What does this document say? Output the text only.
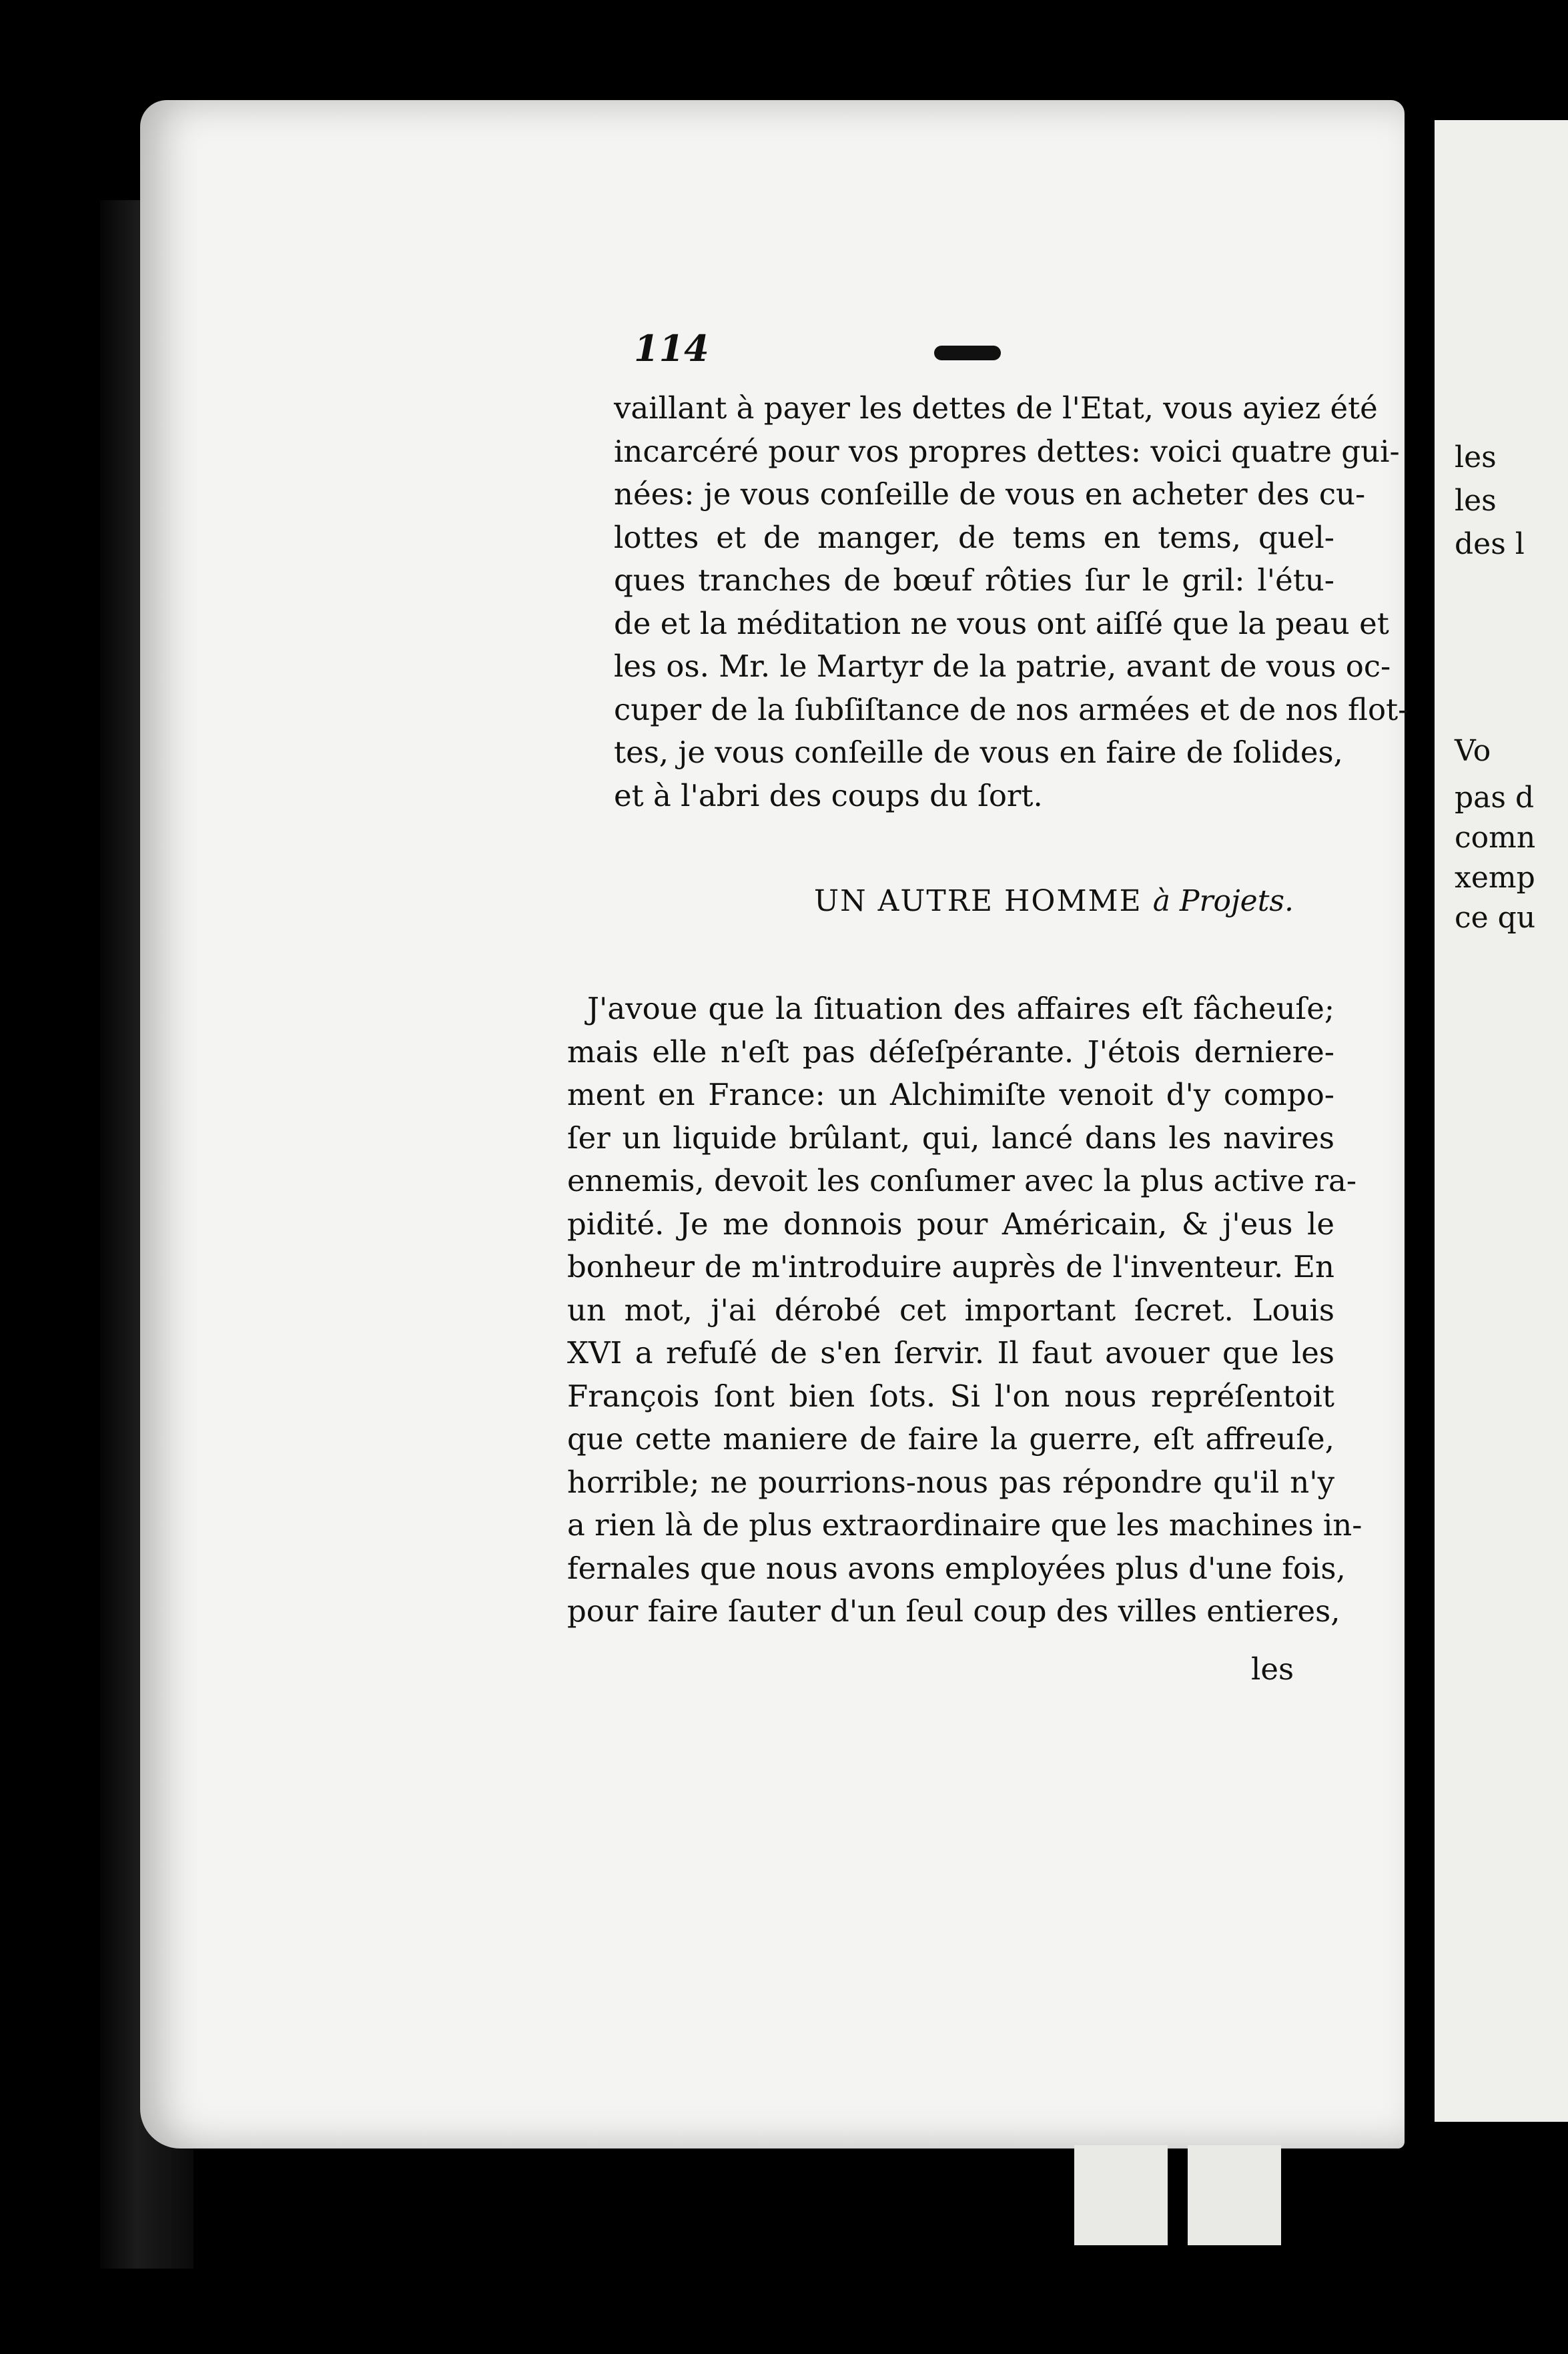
les
les
des l
Vo
pas d
comn
xemp
ce qu
114
vaillant à payer les dettes de l'Etat, vous ayiez été
incarcéré pour vos propres dettes: voici quatre gui-
nées: je vous conſeille de vous en acheter des cu-
lottes et de manger, de tems en tems, quel-
ques tranches de bœuf rôties ſur le gril: l'étu-
de et la méditation ne vous ont aiſſé que la peau et
les os. Mr. le Martyr de la patrie, avant de vous oc-
cuper de la ſubſiſtance de nos armées et de nos flot-
tes, je vous conſeille de vous en faire de ſolides,
et à l'abri des coups du ſort.
UN AUTRE HOMME à Projets.
J'avoue que la ſituation des affaires eſt fâcheuſe;
mais elle n'eſt pas déſeſpérante. J'étois derniere-
ment en France: un Alchimiſte venoit d'y compo-
ſer un liquide brûlant, qui, lancé dans les navires
ennemis, devoit les conſumer avec la plus active ra-
pidité. Je me donnois pour Américain, & j'eus le
bonheur de m'introduire auprès de l'inventeur. En
un mot, j'ai dérobé cet important ſecret. Louis
XVI a refuſé de s'en ſervir. Il faut avouer que les
François ſont bien ſots. Si l'on nous repréſentoit
que cette maniere de faire la guerre, eſt affreuſe,
horrible; ne pourrions-nous pas répondre qu'il n'y
a rien là de plus extraordinaire que les machines in-
fernales que nous avons employées plus d'une fois,
pour faire ſauter d'un ſeul coup des villes entieres,
les
